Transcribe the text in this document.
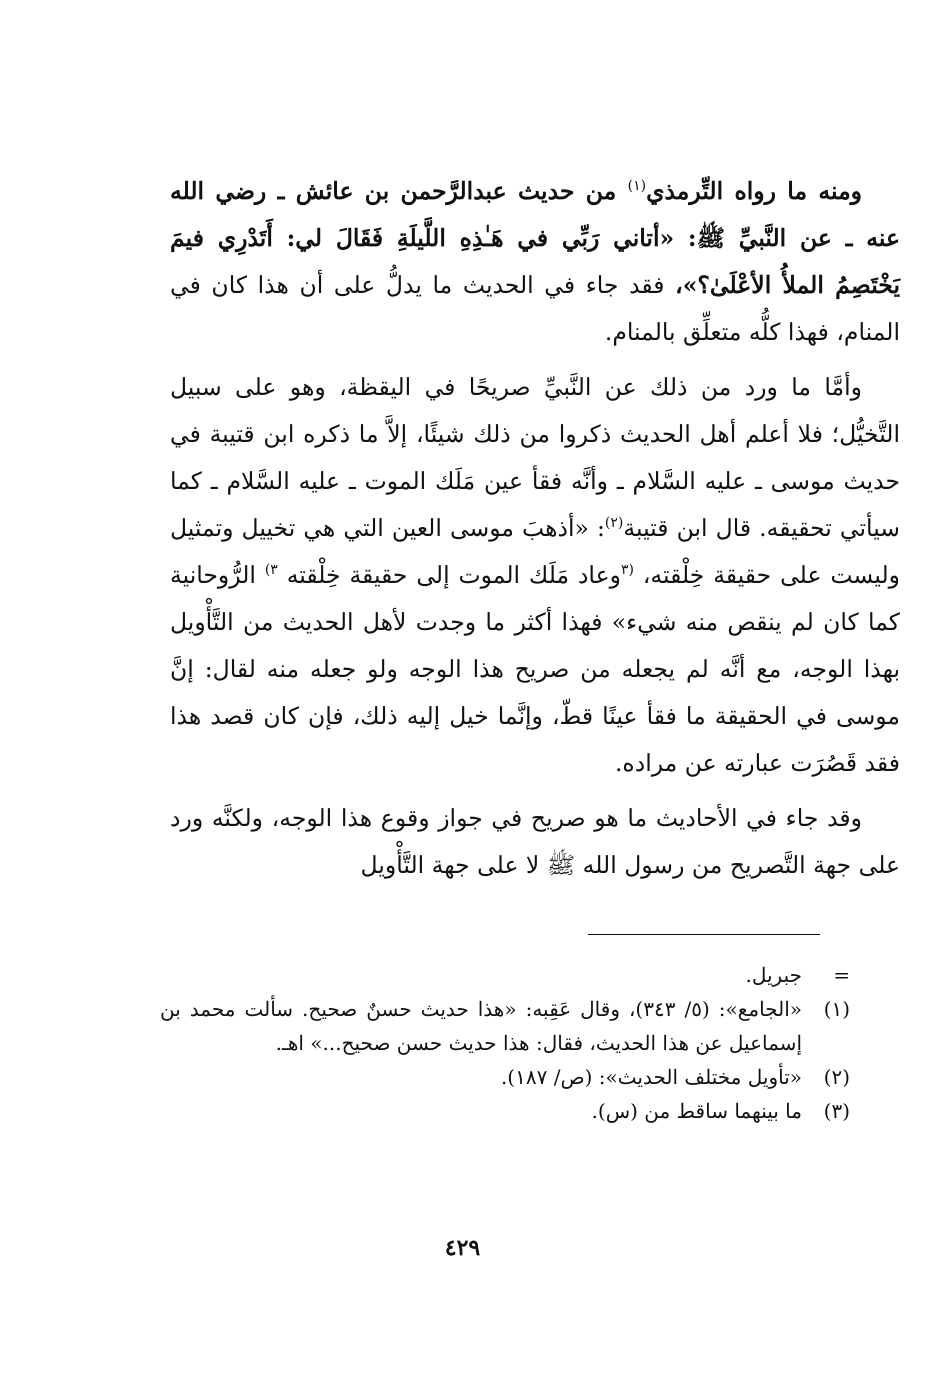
ومنه ما رواه التِّرمذي$^{(١)}$ من حديث عبدالرَّحمن بن عائش ـ رضي الله عنه ـ عن النَّبيِّ ﷺ: «أتاني رَبِّي في هَـٰذِهِ اللَّيلَةِ فَقَالَ لي: أَتَدْرِي فيمَ يَخْتَصِمُ الملأُ الأعْلَىٰ؟»، فقد جاء في الحديث ما يدلُّ على أن هذا كان في المنام، فهذا كلُّه متعلِّق بالمنام.

وأمَّا ما ورد من ذلك عن النَّبيِّ صريحًا في اليقظة، وهو على سبيل التَّخيُّل؛ فلا أعلم أهل الحديث ذكروا من ذلك شيئًا، إلاَّ ما ذكره ابن قتيبة في حديث موسى ـ عليه السَّلام ـ وأنَّه فقأ عين مَلَك الموت ـ عليه السَّلام ـ كما سيأتي تحقيقه. قال ابن قتيبة$^{(٢)}$: «أذهبَ موسى العين التي هي تخييل وتمثيل وليست على حقيقة خِلْقته، $^{(٣}$وعاد مَلَك الموت إلى حقيقة خِلْقته $^{٣)}$ الرُّوحانية كما كان لم ينقص منه شيء» فهذا أكثر ما وجدت لأهل الحديث من التَّأْويل بهذا الوجه، مع أنَّه لم يجعله من صريح هذا الوجه ولو جعله منه لقال: إنَّ موسى في الحقيقة ما فقأ عينًا قطّ، وإنَّما خيل إليه ذلك، فإن كان قصد هذا فقد قَصُرَت عبارته عن مراده.

وقد جاء في الأحاديث ما هو صريح في جواز وقوع هذا الوجه، ولكنَّه ورد على جهة التَّصريح من رسول الله ﷺ لا على جهة التَّأْويل

=
جبريل.
(١)
«الجامع»: (٥/ ٣٤٣)، وقال عَقِبه: «هذا حديث حسنٌ صحيح. سألت محمد بن إسماعيل عن هذا الحديث، فقال: هذا حديث حسن صحيح...» اهـ.
(٢)
«تأويل مختلف الحديث»: (ص/ ١٨٧).
(٣)
ما بينهما ساقط من (س).
٤٢٩
